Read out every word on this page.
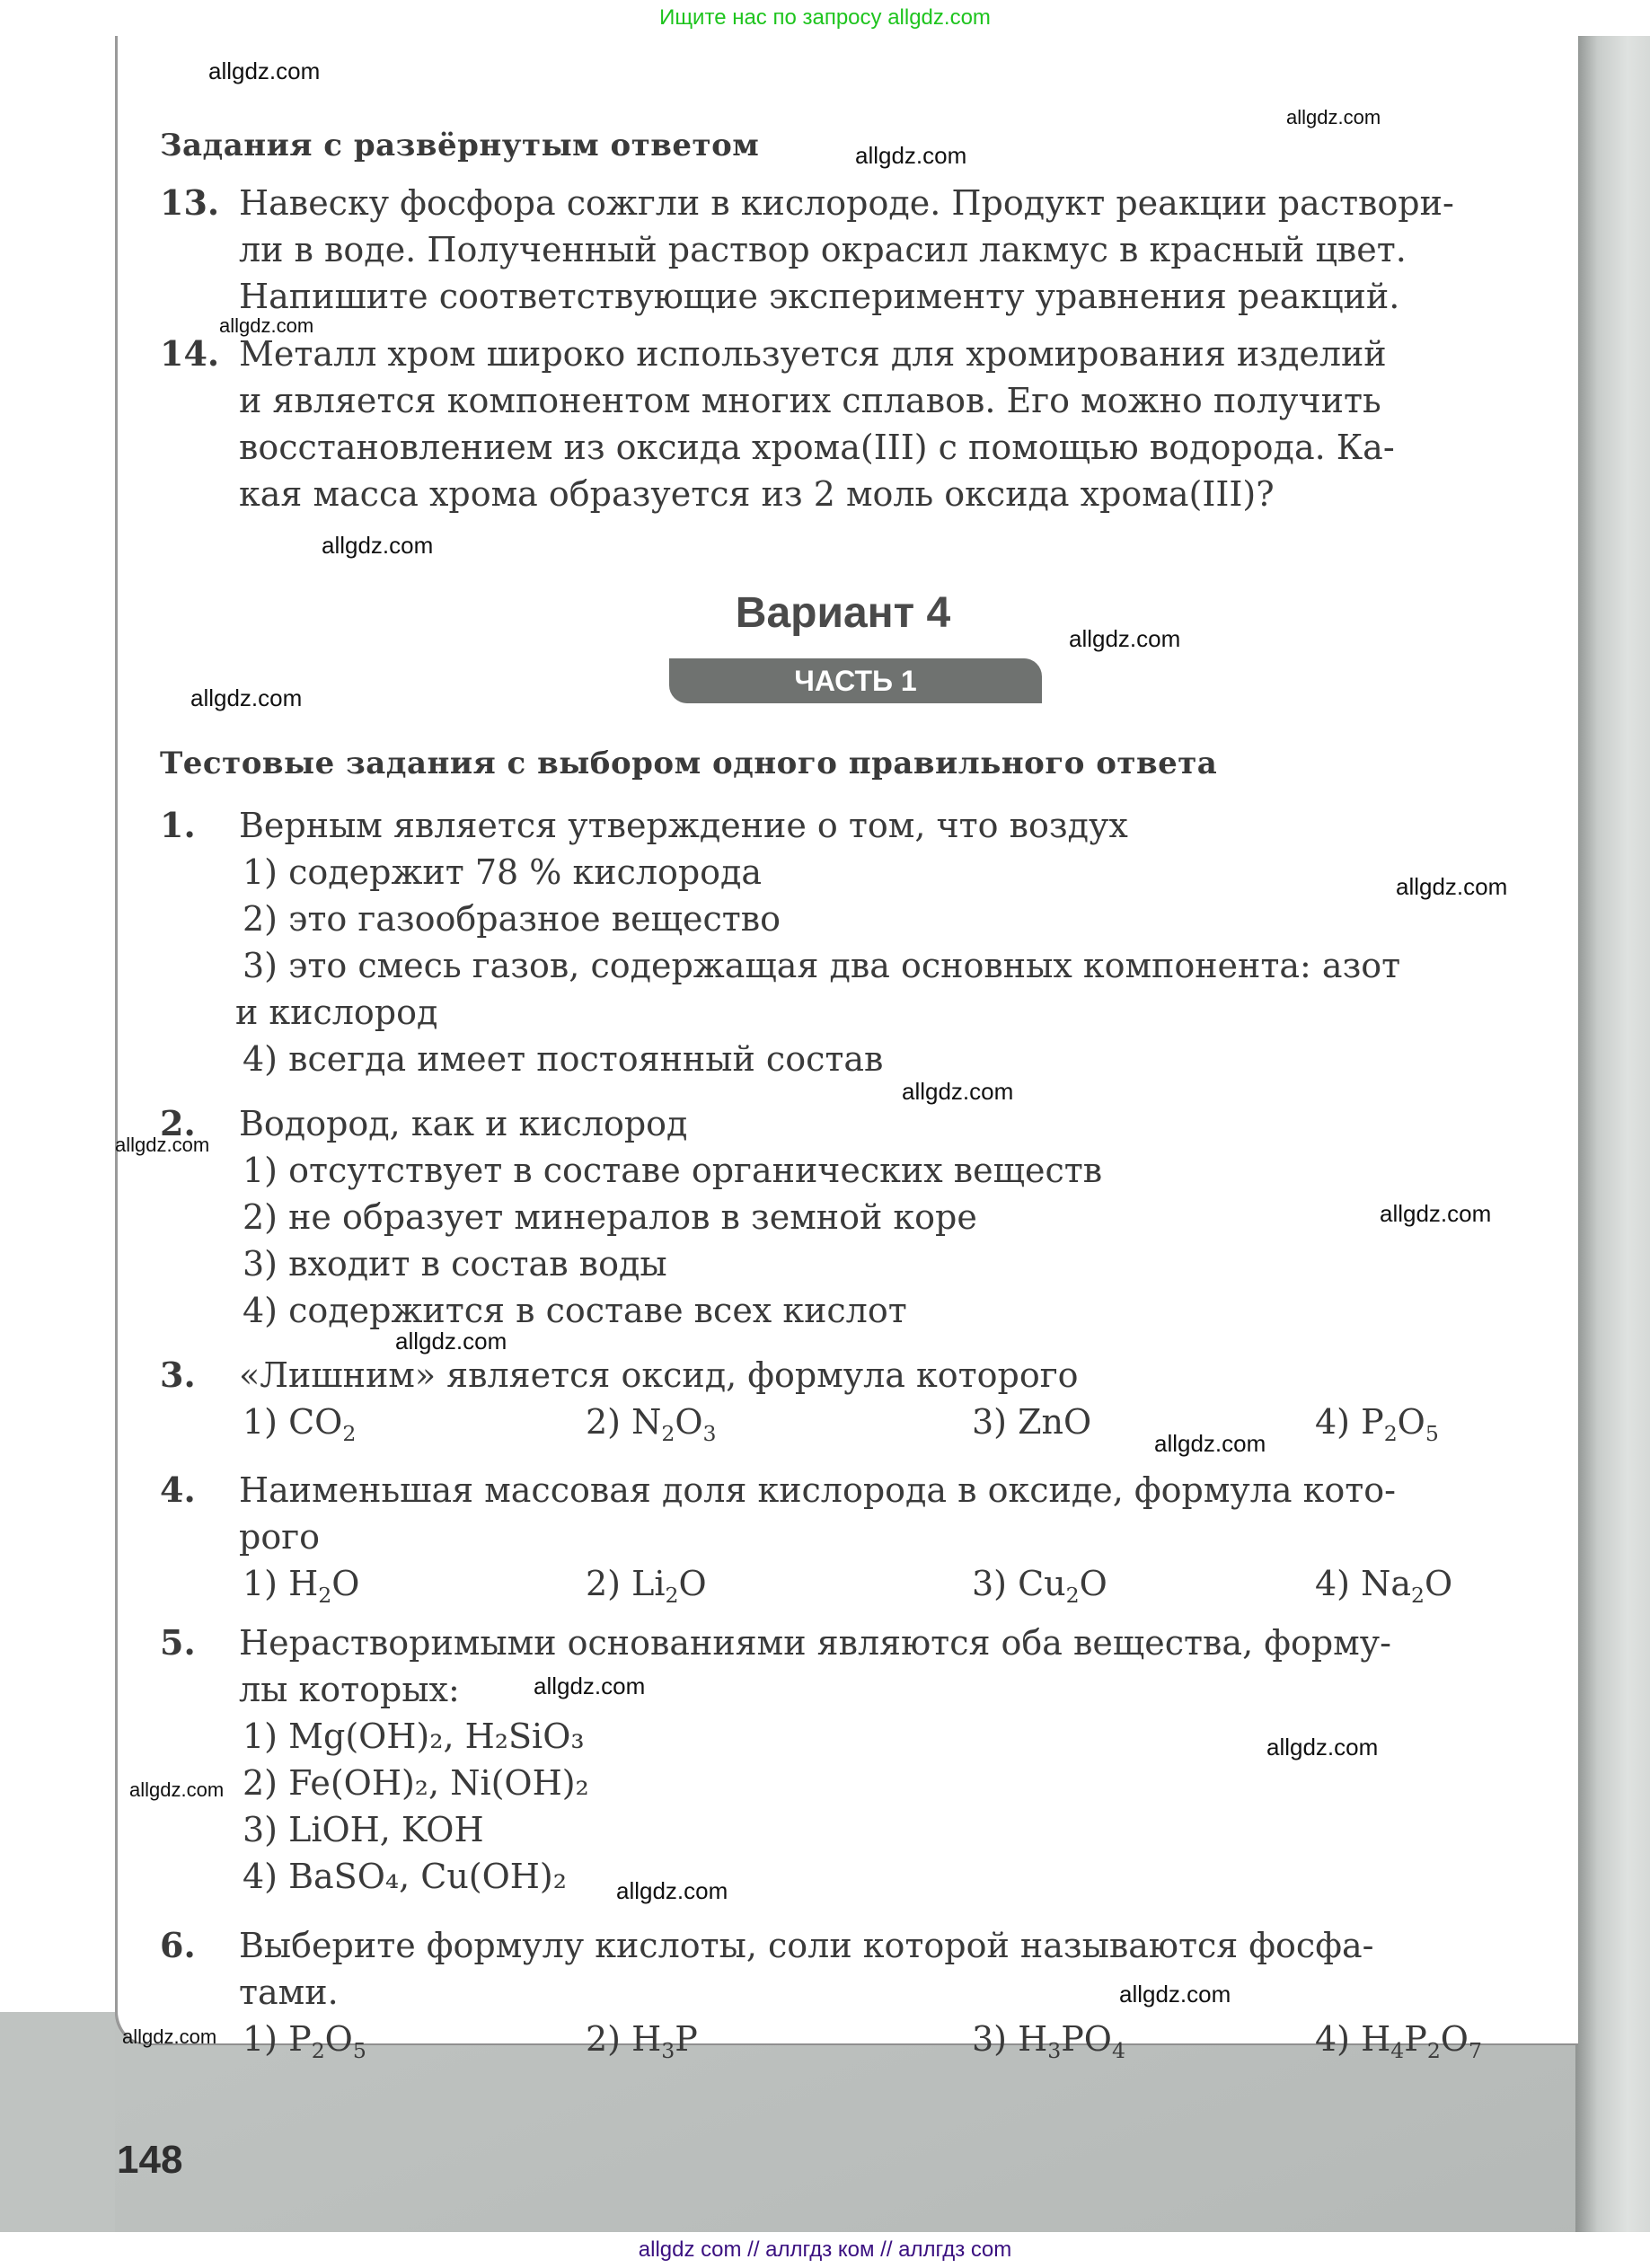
Ищите нас по запросу allgdz.com
Задания с развёрнутым ответом
13. Навеску фосфора сожгли в кислороде. Продукт реакции раствори-
ли в воде. Полученный раствор окрасил лакмус в красный цвет.
Напишите соответствующие эксперименту уравнения реакций.
14. Металл хром широко используется для хромирования изделий
и является компонентом многих сплавов. Его можно получить
восстановлением из оксида хрома(III) с помощью водорода. Ка-
кая масса хрома образуется из 2 моль оксида хрома(III)?
Вариант 4
ЧАСТЬ 1
Тестовые задания с выбором одного правильного ответа
1. Верным является утверждение о том, что воздух
1) содержит 78 % кислорода
2) это газообразное вещество
3) это смесь газов, содержащая два основных компонента: азот
и кислород
4) всегда имеет постоянный состав
2. Водород, как и кислород
1) отсутствует в составе органических веществ
2) не образует минералов в земной коре
3) входит в состав воды
4) содержится в составе всех кислот
3. «Лишним» является оксид, формула которого
1) $CO_2$	2) $N_2O_3$	3) ZnO	4) $P_2O_5$
4. Наименьшая массовая доля кислорода в оксиде, формула кото-
рого
1) $H_2O$	2) $Li_2O$	3) $Cu_2O$	4) $Na_2O$
5. Нерастворимыми основаниями являются оба вещества, форму-
лы которых:
1) Mg(OH)₂, H₂SiO₃
2) Fe(OH)₂, Ni(OH)₂
3) LiOH, KOH
4) BaSO₄, Cu(OH)₂
6. Выберите формулу кислоты, соли которой называются фосфа-
тами.
1) $P_2O_5$	2) $H_3P$	3) $H_3PO_4$	4) $H_4P_2O_7$
allgdz.com
allgdz.com
allgdz.com
allgdz.com
allgdz.com
allgdz.com
allgdz.com
allgdz.com
allgdz.com
allgdz.com
allgdz.com
allgdz.com
allgdz.com
allgdz.com
allgdz.com
allgdz.com
allgdz.com
allgdz.com
allgdz.com
148
allgdz com // аллгдз ком // аллгдз com
